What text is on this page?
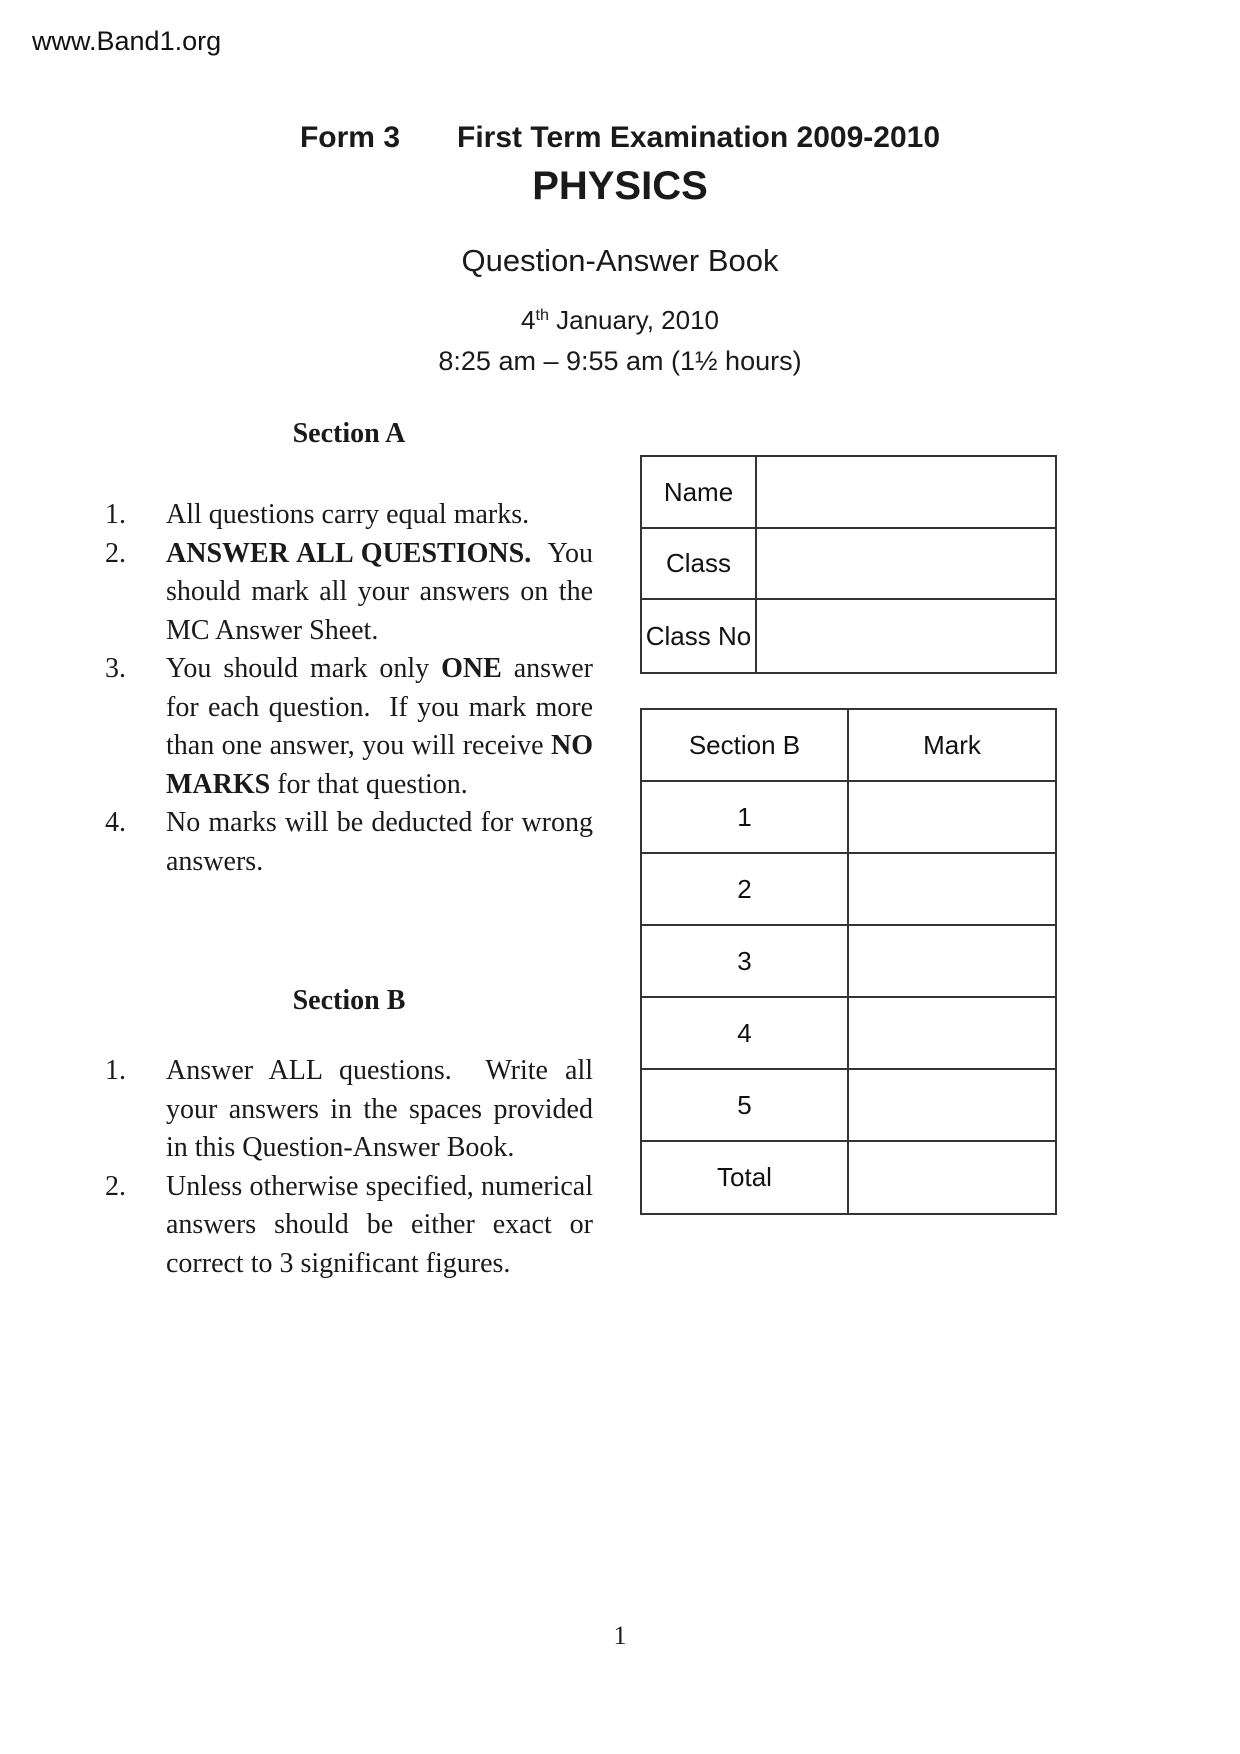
www.Band1.org
Form 3 First Term Examination 2009-2010
PHYSICS
Question-Answer Book
4th January, 2010
8:25 am – 9:55 am (1½ hours)
Section A
1.	All questions carry equal marks.
2.	ANSWER ALL QUESTIONS.  You should mark all your answers on the MC Answer Sheet.
3.	You should mark only ONE answer for each question.  If you mark more than one answer, you will receive NO MARKS for that question.
4.	No marks will be deducted for wrong answers.
Name	
Class	
Class No	
Section B	Mark
1	
2	
3	
4	
5	
Total	
Section B
1.	Answer ALL questions.  Write all your answers in the spaces provided in this Question-Answer Book.
2.	Unless otherwise specified, numerical answers should be either exact or correct to 3 significant figures.
1
